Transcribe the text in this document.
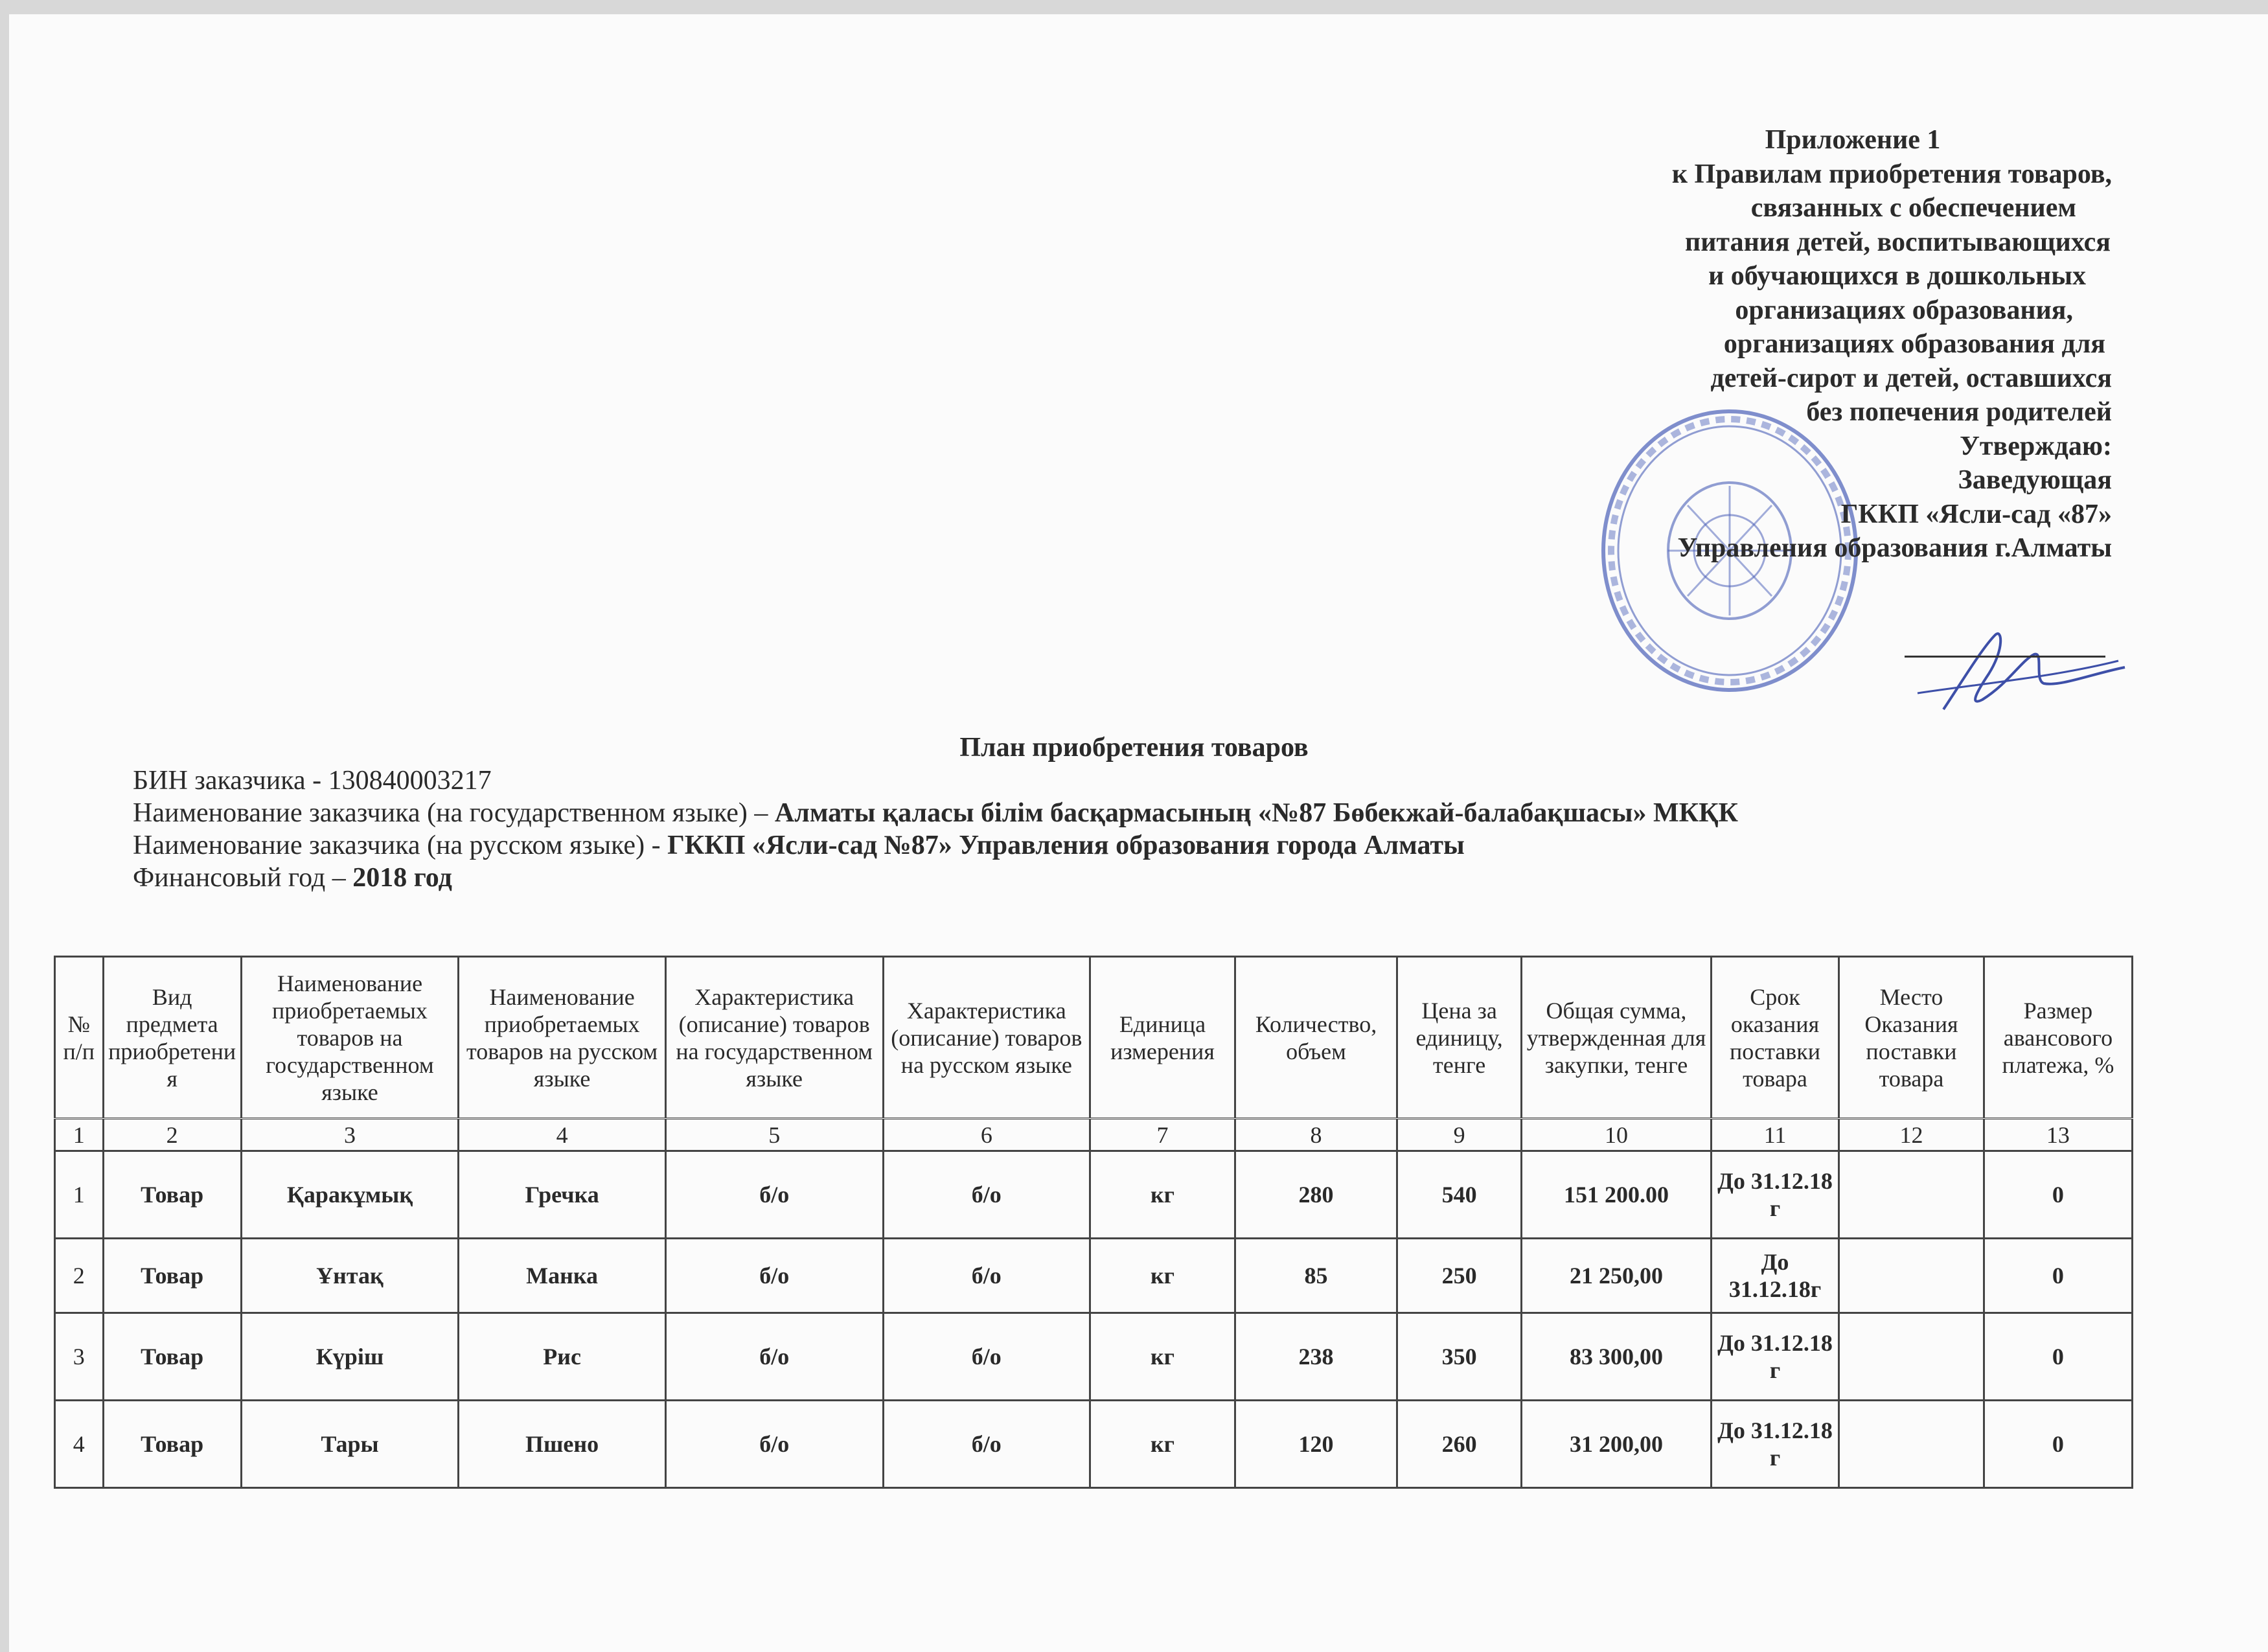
Приложение 1
к Правилам приобретения товаров,
связанных с обеспечением
питания детей, воспитывающихся
и обучающихся в дошкольных
организациях образования,
организациях образования для
детей-сирот и детей, оставшихся
без попечения родителей
Утверждаю:
Заведующая
ГККП «Ясли-сад «87»
Управления образования г.Алматы
План приобретения товаров
БИН заказчика - 130840003217
Наименование заказчика (на государственном языке) – Алматы қаласы білім басқармасының «№87 Бөбекжай-балабақшасы» МКҚК
Наименование заказчика (на русском языке) - ГККП «Ясли-сад №87» Управления образования города Алматы
Финансовый год – 2018 год
№ п/п	Вид предмета приобретения	Наименование приобретаемых товаров на государственном языке	Наименование приобретаемых товаров на русском языке	Характеристика (описание) товаров на государственном языке	Характеристика (описание) товаров на русском языке	Единица измерения	Количество, объем	Цена за единицу, тенге	Общая сумма, утвержденная для закупки, тенге	Срок оказания поставки товара	Место Оказания поставки товара	Размер авансового платежа, %
1	2	3	4	5	6	7	8	9	10	11	12	13
1	Товар	Қаракұмық	Гречка	б/о	б/о	кг	280	540	151 200.00	До 31.12.18 г		0
2	Товар	Ұнтақ	Манка	б/о	б/о	кг	85	250	21 250,00	До 31.12.18г		0
3	Товар	Күріш	Рис	б/о	б/о	кг	238	350	83 300,00	До 31.12.18 г		0
4	Товар	Тары	Пшено	б/о	б/о	кг	120	260	31 200,00	До 31.12.18 г		0
